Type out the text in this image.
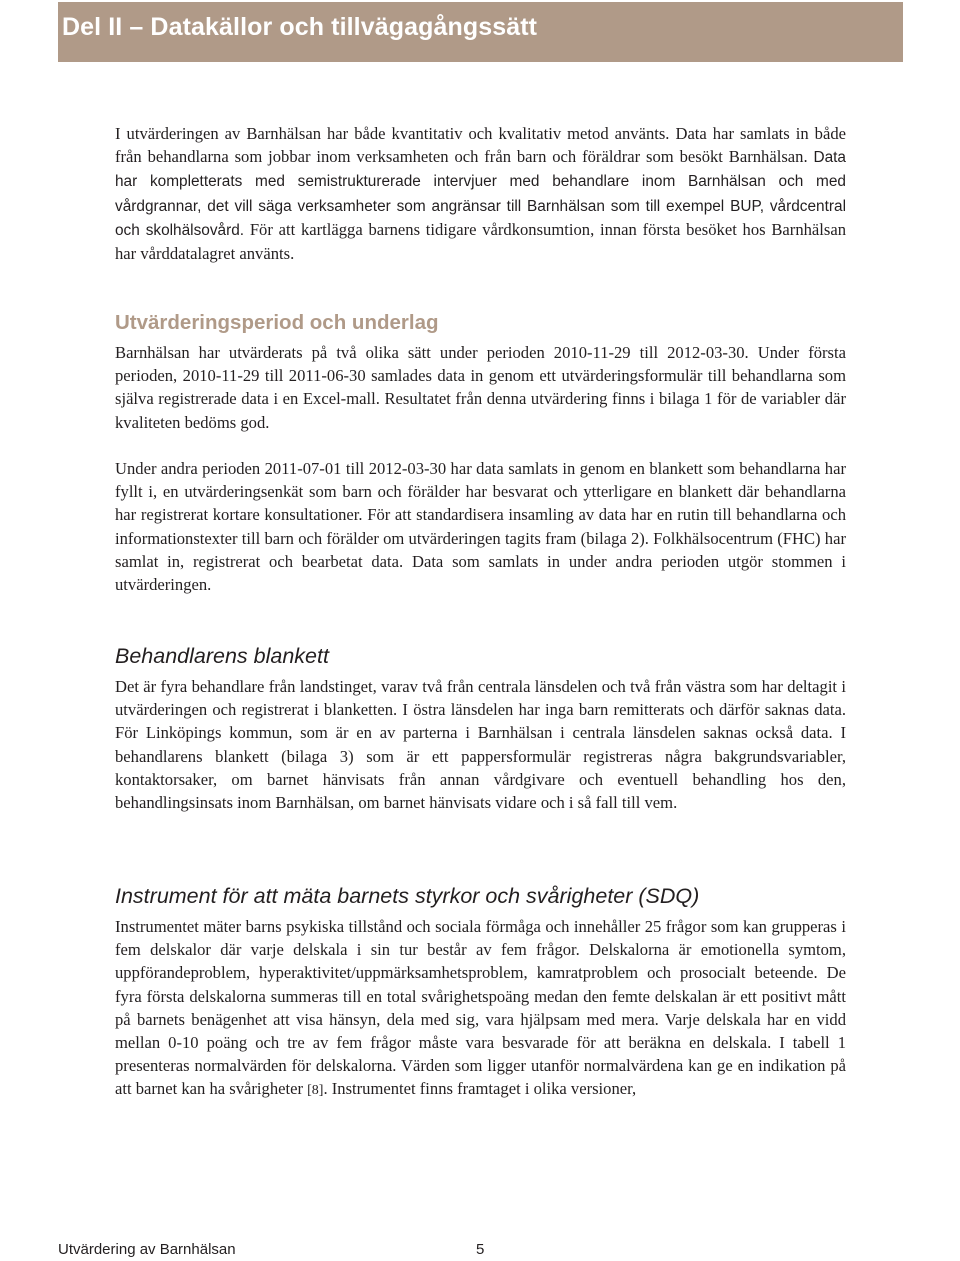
Del II – Datakällor och tillvägagångssätt

I utvärderingen av Barnhälsan har både kvantitativ och kvalitativ metod använts. Data har samlats in både från behandlarna som jobbar inom verksamheten och från barn och föräldrar som besökt Barnhälsan. Data har kompletterats med semistrukturerade intervjuer med behandlare inom Barnhälsan och med vårdgrannar, det vill säga verksamheter som angränsar till Barnhälsan som till exempel BUP, vårdcentral och skolhälsovård. För att kartlägga barnens tidigare vårdkonsumtion, innan första besöket hos Barnhälsan har vårddatalagret använts.

Utvärderingsperiod och underlag

Barnhälsan har utvärderats på två olika sätt under perioden 2010-11-29 till 2012-03-30. Under första perioden, 2010-11-29 till 2011-06-30 samlades data in genom ett utvärderingsformulär till behandlarna som själva registrerade data i en Excel-mall. Resultatet från denna utvärdering finns i bilaga 1 för de variabler där kvaliteten bedöms god.

Under andra perioden 2011-07-01 till 2012-03-30 har data samlats in genom en blankett som behandlarna har fyllt i, en utvärderingsenkät som barn och förälder har besvarat och ytterligare en blankett där behandlarna har registrerat kortare konsultationer. För att standardisera insamling av data har en rutin till behandlarna och informationstexter till barn och förälder om utvärderingen tagits fram (bilaga 2). Folkhälsocentrum (FHC) har samlat in, registrerat och bearbetat data. Data som samlats in under andra perioden utgör stommen i utvärderingen.

Behandlarens blankett

Det är fyra behandlare från landstinget, varav två från centrala länsdelen och två från västra som har deltagit i utvärderingen och registrerat i blanketten. I östra länsdelen har inga barn remitterats och därför saknas data. För Linköpings kommun, som är en av parterna i Barnhälsan i centrala länsdelen saknas också data. I behandlarens blankett (bilaga 3) som är ett pappersformulär registreras några bakgrundsvariabler, kontaktorsaker, om barnet hänvisats från annan vårdgivare och eventuell behandling hos den, behandlingsinsats inom Barnhälsan, om barnet hänvisats vidare och i så fall till vem.

Instrument för att mäta barnets styrkor och svårigheter (SDQ)

Instrumentet mäter barns psykiska tillstånd och sociala förmåga och innehåller 25 frågor som kan grupperas i fem delskalor där varje delskala i sin tur består av fem frågor. Delskalorna är emotionella symtom, uppförandeproblem, hyperaktivitet/uppmärksamhetsproblem, kamratproblem och prosocialt beteende. De fyra första delskalorna summeras till en total svårighetspoäng medan den femte delskalan är ett positivt mått på barnets benägenhet att visa hänsyn, dela med sig, vara hjälpsam med mera. Varje delskala har en vidd mellan 0-10 poäng och tre av fem frågor måste vara besvarade för att beräkna en delskala. I tabell 1 presenteras normalvärden för delskalorna. Värden som ligger utanför normalvärdena kan ge en indikation på att barnet kan ha svårigheter [8]. Instrumentet finns framtaget i olika versioner,

Utvärdering av Barnhälsan	5
